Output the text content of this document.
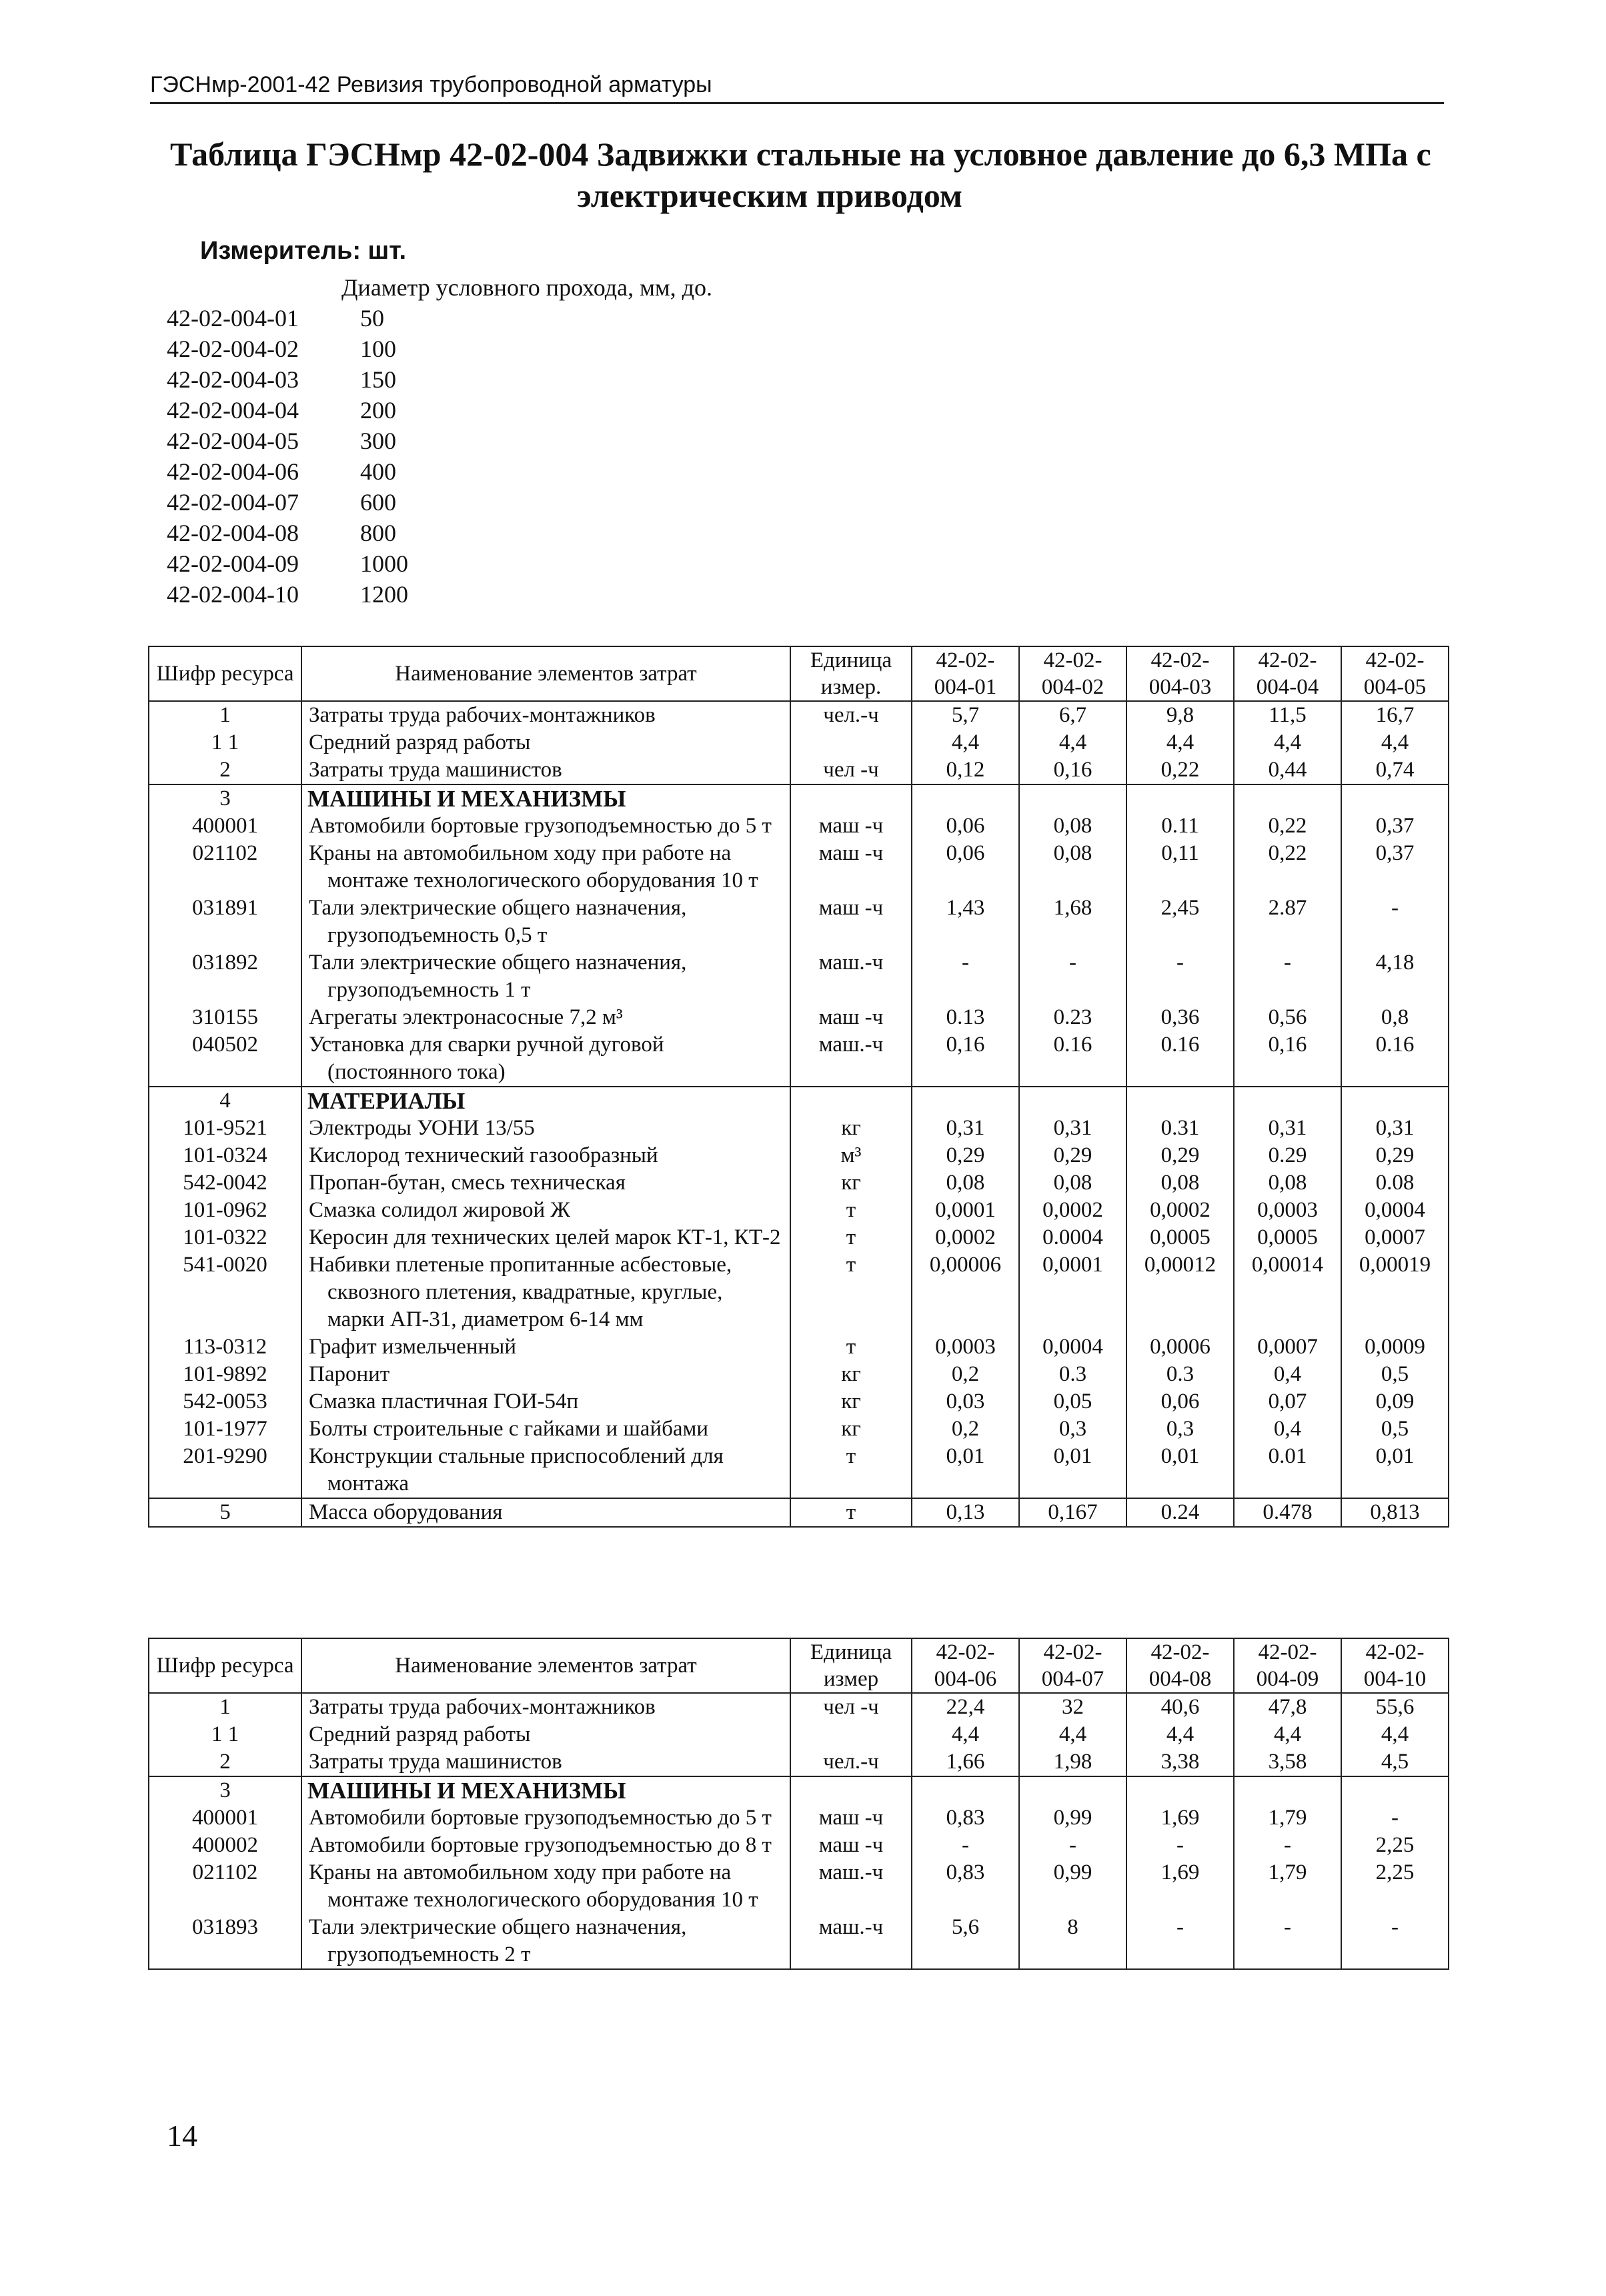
ГЭСНмр-2001-42 Ревизия трубопроводной арматуры
Таблица ГЭСНмр 42-02-004 Задвижки стальные на условное давление до 6,3 МПа с
электрическим приводом
Измеритель: шт.
Диаметр условного прохода, мм, до.
42-02-004-01	50
42-02-004-02	100
42-02-004-03	150
42-02-004-04	200
42-02-004-05	300
42-02-004-06	400
42-02-004-07	600
42-02-004-08	800
42-02-004-09	1000
42-02-004-10	1200
Шифр ресурса	Наименование элементов затрат	Единица измер.	42-02-004-01	42-02-004-02	42-02-004-03	42-02-004-04	42-02-004-05
1	Затраты труда рабочих-монтажников	чел.-ч	5,7	6,7	9,8	11,5	16,7
1 1	Средний разряд работы		4,4	4,4	4,4	4,4	4,4
2	Затраты труда машинистов	чел -ч	0,12	0,16	0,22	0,44	0,74
3	МАШИНЫ И МЕХАНИЗМЫ						
400001	Автомобили бортовые грузоподъемностью до 5 т	маш -ч	0,06	0,08	0.11	0,22	0,37
021102	Краны на автомобильном ходу при работе на монтаже технологического оборудования 10 т	маш -ч	0,06	0,08	0,11	0,22	0,37
031891	Тали электрические общего назначения, грузоподъемность 0,5 т	маш -ч	1,43	1,68	2,45	2.87	-
031892	Тали электрические общего назначения, грузоподъемность 1 т	маш.-ч	-	-	-	-	4,18
310155	Агрегаты электронасосные 7,2 м³	маш -ч	0.13	0.23	0,36	0,56	0,8
040502	Установка для сварки ручной дуговой (постоянного тока)	маш.-ч	0,16	0.16	0.16	0,16	0.16
4	МАТЕРИАЛЫ						
101-9521	Электроды УОНИ 13/55	кг	0,31	0,31	0.31	0,31	0,31
101-0324	Кислород технический газообразный	м³	0,29	0,29	0,29	0.29	0,29
542-0042	Пропан-бутан, смесь техническая	кг	0,08	0,08	0,08	0,08	0.08
101-0962	Смазка солидол жировой Ж	т	0,0001	0,0002	0,0002	0,0003	0,0004
101-0322	Керосин для технических целей марок КТ-1, КТ-2	т	0,0002	0.0004	0,0005	0,0005	0,0007
541-0020	Набивки плетеные пропитанные асбестовые, сквозного плетения, квадратные, круглые, марки АП-31, диаметром 6-14 мм	т	0,00006	0,0001	0,00012	0,00014	0,00019
113-0312	Графит измельченный	т	0,0003	0,0004	0,0006	0,0007	0,0009
101-9892	Паронит	кг	0,2	0.3	0.3	0,4	0,5
542-0053	Смазка пластичная ГОИ-54п	кг	0,03	0,05	0,06	0,07	0,09
101-1977	Болты строительные с гайками и шайбами	кг	0,2	0,3	0,3	0,4	0,5
201-9290	Конструкции стальные приспособлений для монтажа	т	0,01	0,01	0,01	0.01	0,01
5	Масса оборудования	т	0,13	0,167	0.24	0.478	0,813
Шифр ресурса	Наименование элементов затрат	Единица измер	42-02-004-06	42-02-004-07	42-02-004-08	42-02-004-09	42-02-004-10
1	Затраты труда рабочих-монтажников	чел -ч	22,4	32	40,6	47,8	55,6
1 1	Средний разряд работы		4,4	4,4	4,4	4,4	4,4
2	Затраты труда машинистов	чел.-ч	1,66	1,98	3,38	3,58	4,5
3	МАШИНЫ И МЕХАНИЗМЫ						
400001	Автомобили бортовые грузоподъемностью до 5 т	маш -ч	0,83	0,99	1,69	1,79	-
400002	Автомобили бортовые грузоподъемностью до 8 т	маш -ч	-	-	-	-	2,25
021102	Краны на автомобильном ходу при работе на монтаже технологического оборудования 10 т	маш.-ч	0,83	0,99	1,69	1,79	2,25
031893	Тали электрические общего назначения, грузоподъемность 2 т	маш.-ч	5,6	8	-	-	-
14
